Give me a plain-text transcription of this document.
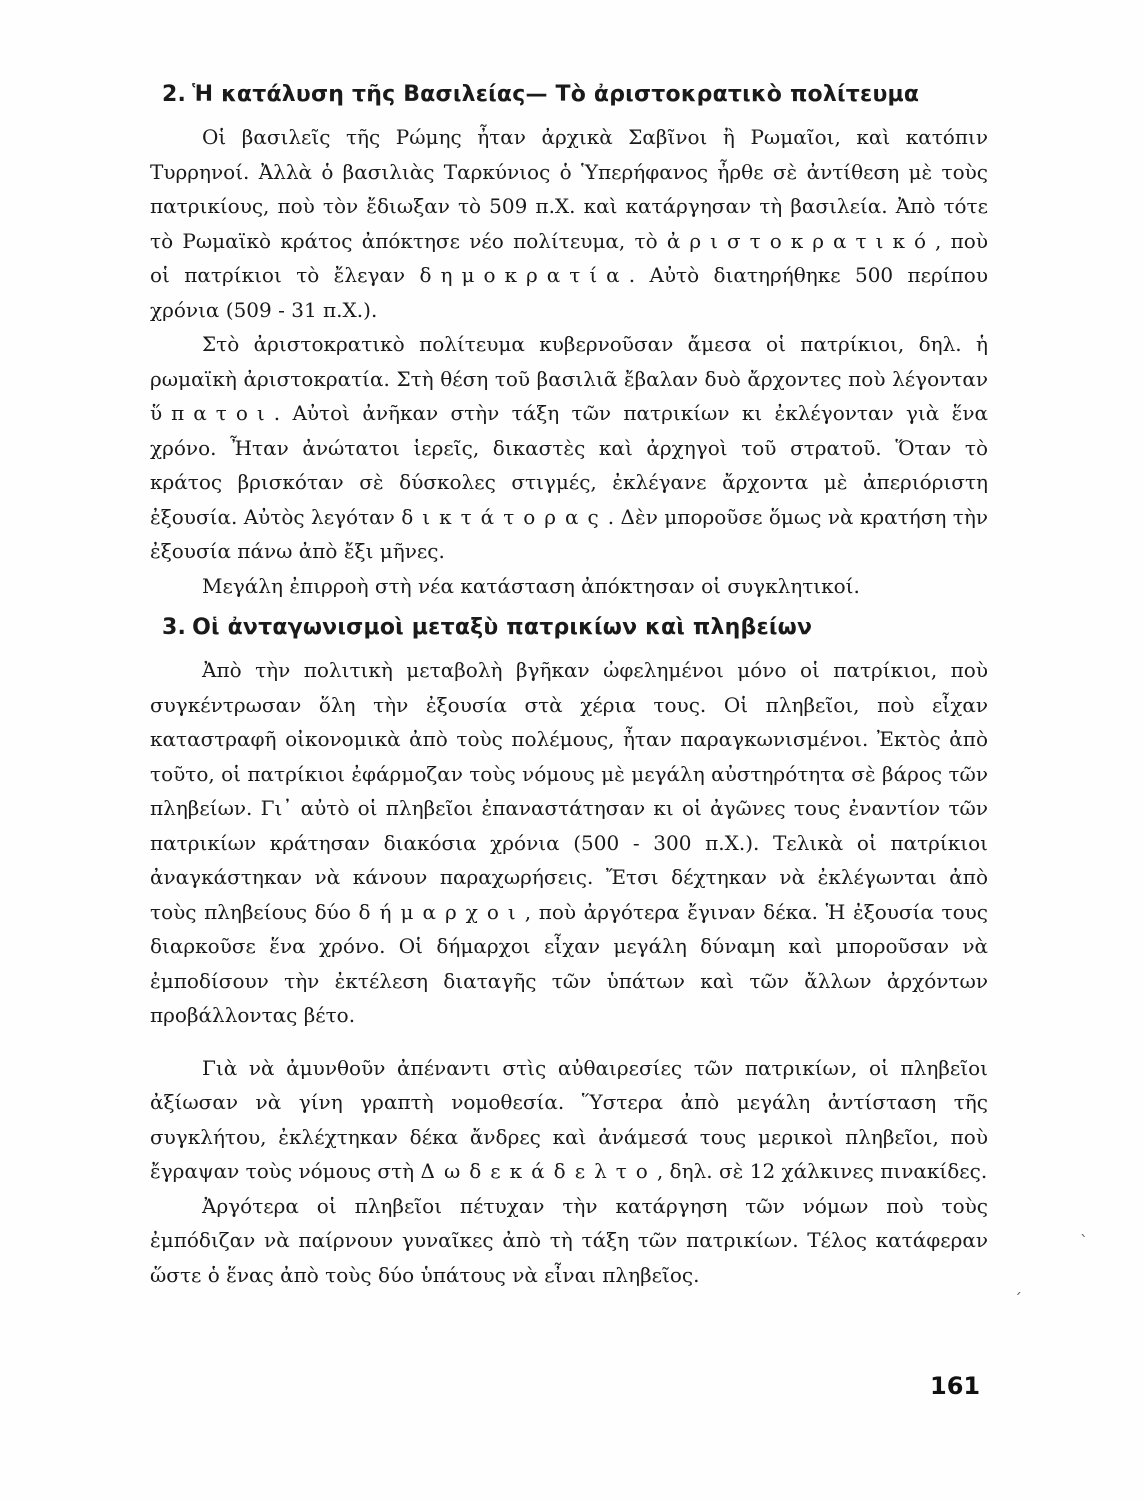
2. Ἡ κατάλυση τῆς Βασιλείας— Τὸ ἀριστοκρατικὸ πολίτευμα

Οἱ βασιλεῖς τῆς Ρώμης ἦταν ἀρχικὰ Σαβῖνοι ἢ Ρωμαῖοι, καὶ κατόπιν Τυρρηνοί. Ἀλλὰ ὁ βασιλιὰς Ταρκύνιος ὁ Ὑπερήφανος ἦρθε σὲ ἀντίθεση μὲ τοὺς πατρικίους, ποὺ τὸν ἔδιωξαν τὸ 509 π.Χ. καὶ κατάργησαν τὴ βασιλεία. Ἀπὸ τότε τὸ Ρωμαϊκὸ κράτος ἀπόκτησε νέο πολίτευμα, τὸ ἀριστοκρατικό, ποὺ οἱ πατρίκιοι τὸ ἔλεγαν δημοκρατία. Αὐτὸ διατηρήθηκε 500 περίπου χρόνια (509 - 31 π.Χ.).

Στὸ ἀριστοκρατικὸ πολίτευμα κυβερνοῦσαν ἄμεσα οἱ πατρίκιοι, δηλ. ἡ ρωμαϊκὴ ἀριστοκρατία. Στὴ θέση τοῦ βασιλιᾶ ἔβαλαν δυὸ ἄρχοντες ποὺ λέγονταν ὕπατοι. Αὐτοὶ ἀνῆκαν στὴν τάξη τῶν πατρικίων κι ἐκλέγονταν γιὰ ἕνα χρόνο. Ἦταν ἀνώτατοι ἱερεῖς, δικαστὲς καὶ ἀρχηγοὶ τοῦ στρατοῦ. Ὅταν τὸ κράτος βρισκόταν σὲ δύσκολες στιγμές, ἐκλέγανε ἄρχοντα μὲ ἀπεριόριστη ἐξουσία. Αὐτὸς λεγόταν δικτάτορας. Δὲν μποροῦσε ὅμως νὰ κρατήση τὴν ἐξουσία πάνω ἀπὸ ἔξι μῆνες.

Μεγάλη ἐπιρροὴ στὴ νέα κατάσταση ἀπόκτησαν οἱ συγκλητικοί.

3. Οἱ ἀνταγωνισμοὶ μεταξὺ πατρικίων καὶ πληβείων

Ἀπὸ τὴν πολιτικὴ μεταβολὴ βγῆκαν ὠφελημένοι μόνο οἱ πατρίκιοι, ποὺ συγκέντρωσαν ὅλη τὴν ἐξουσία στὰ χέρια τους. Οἱ πληβεῖοι, ποὺ εἶχαν καταστραφῆ οἰκονομικὰ ἀπὸ τοὺς πολέμους, ἦταν παραγκωνισμένοι. Ἐκτὸς ἀπὸ τοῦτο, οἱ πατρίκιοι ἐφάρμοζαν τοὺς νόμους μὲ μεγάλη αὐστηρότητα σὲ βάρος τῶν πληβείων. Γι᾽ αὐτὸ οἱ πληβεῖοι ἐπαναστάτησαν κι οἱ ἀγῶνες τους ἐναντίον τῶν πατρικίων κράτησαν διακόσια χρόνια (500 - 300 π.Χ.). Τελικὰ οἱ πατρίκιοι ἀναγκάστηκαν νὰ κάνουν παραχωρήσεις. Ἔτσι δέχτηκαν νὰ ἐκλέγωνται ἀπὸ τοὺς πληβείους δύο δήμαρχοι, ποὺ ἀργότερα ἔγιναν δέκα. Ἡ ἐξουσία τους διαρκοῦσε ἕνα χρόνο. Οἱ δήμαρχοι εἶχαν μεγάλη δύναμη καὶ μποροῦσαν νὰ ἐμποδίσουν τὴν ἐκτέλεση διαταγῆς τῶν ὑπάτων καὶ τῶν ἄλλων ἀρχόντων προβάλλοντας βέτο.

Γιὰ νὰ ἀμυνθοῦν ἀπέναντι στὶς αὐθαιρεσίες τῶν πατρικίων, οἱ πληβεῖοι ἀξίωσαν νὰ γίνη γραπτὴ νομοθεσία. Ὕστερα ἀπὸ μεγάλη ἀντίσταση τῆς συγκλήτου, ἐκλέχτηκαν δέκα ἄνδρες καὶ ἀνάμεσά τους μερικοὶ πληβεῖοι, ποὺ ἔγραψαν τοὺς νόμους στὴ Δωδεκάδελτο, δηλ. σὲ 12 χάλκινες πινακίδες.

Ἀργότερα οἱ πληβεῖοι πέτυχαν τὴν κατάργηση τῶν νόμων ποὺ τοὺς ἐμπόδιζαν νὰ παίρνουν γυναῖκες ἀπὸ τὴ τάξη τῶν πατρικίων. Τέλος κατάφεραν ὥστε ὁ ἕνας ἀπὸ τοὺς δύο ὑπάτους νὰ εἶναι πληβεῖος.

ˎ
ˏ
161
